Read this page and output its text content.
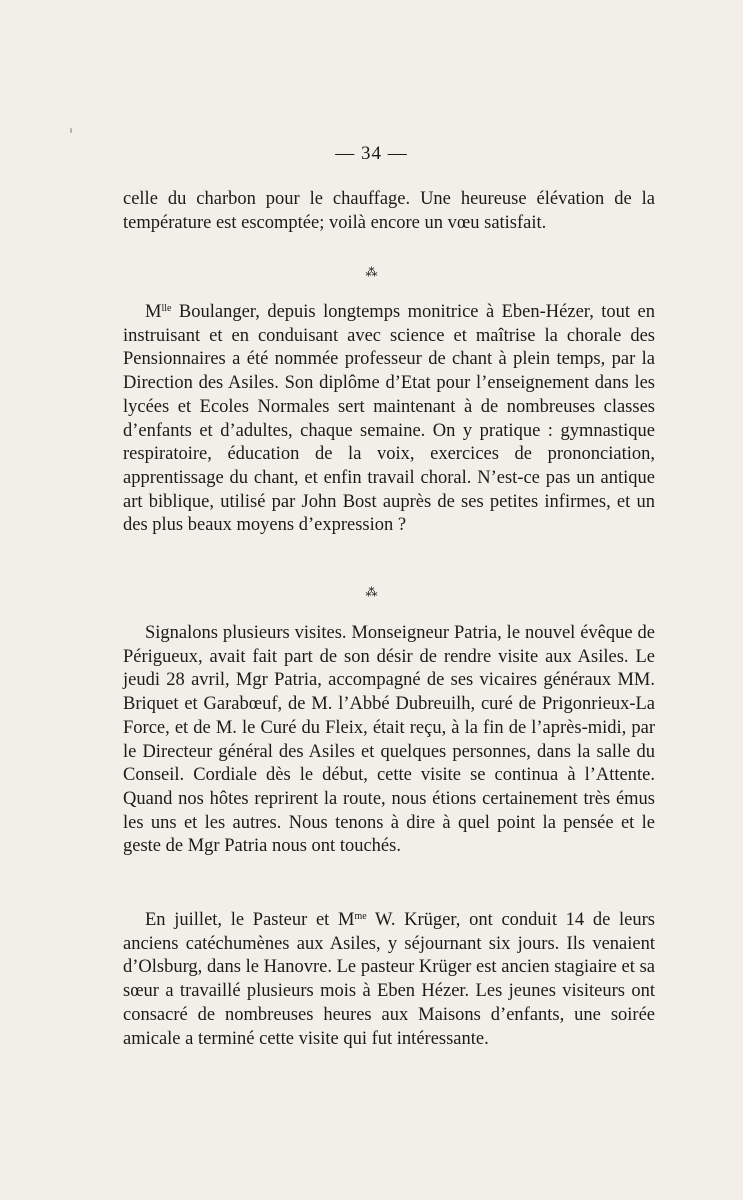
— 34 —

celle du charbon pour le chauffage. Une heureuse élévation de la température est escomptée; voilà encore un vœu satisfait.

⁂

$M^{lle}$ Boulanger, depuis longtemps monitrice à Eben-Hézer, tout en instruisant et en conduisant avec science et maîtrise la chorale des Pensionnaires a été nommée professeur de chant à plein temps, par la Direction des Asiles. Son diplôme d’Etat pour l’enseignement dans les lycées et Ecoles Normales sert maintenant à de nombreuses classes d’enfants et d’adultes, chaque semaine. On y pratique : gymnastique respiratoire, éducation de la voix, exercices de prononciation, apprentissage du chant, et enfin travail choral. N’est-ce pas un antique art biblique, utilisé par John Bost auprès de ses petites infirmes, et un des plus beaux moyens d’expression ?

⁂

Signalons plusieurs visites. Monseigneur Patria, le nouvel évêque de Périgueux, avait fait part de son désir de rendre visite aux Asiles. Le jeudi 28 avril, Mgr Patria, accompagné de ses vicaires généraux MM. Briquet et Garabœuf, de M. l’Abbé Dubreuilh, curé de Prigonrieux-La Force, et de M. le Curé du Fleix, était reçu, à la fin de l’après-midi, par le Directeur général des Asiles et quelques personnes, dans la salle du Conseil. Cordiale dès le début, cette visite se continua à l’Attente. Quand nos hôtes reprirent la route, nous étions certainement très émus les uns et les autres. Nous tenons à dire à quel point la pensée et le geste de Mgr Patria nous ont touchés.

En juillet, le Pasteur et $M^{me}$ W. Krüger, ont conduit 14 de leurs anciens catéchumènes aux Asiles, y séjournant six jours. Ils venaient d’Olsburg, dans le Hanovre. Le pasteur Krüger est ancien stagiaire et sa sœur a travaillé plusieurs mois à Eben Hézer. Les jeunes visiteurs ont consacré de nombreuses heures aux Maisons d’enfants, une soirée amicale a terminé cette visite qui fut intéressante.
